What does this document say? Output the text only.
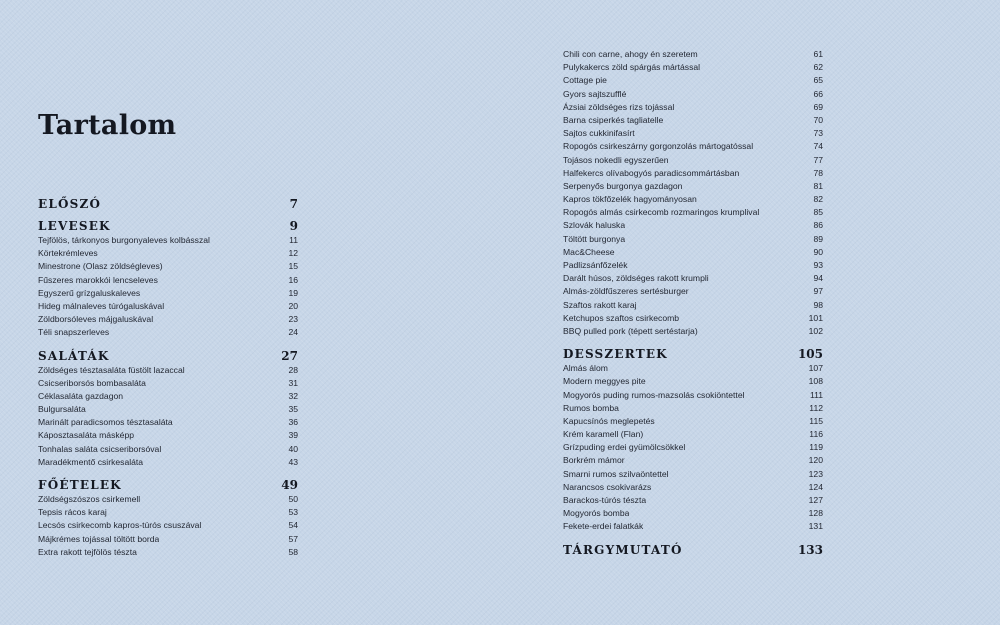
Tartalom
ELŐSZÓ	7
LEVESEK	9
Tejfölös, tárkonyos burgonyaleves kolbásszal	11
Körtekrémleves	12
Minestrone (Olasz zöldségleves)	15
Fűszeres marokkói lencseleves	16
Egyszerű grízgaluskaleves	19
Hideg málnaleves túrógaluskával	20
Zöldborsóleves májgaluskával	23
Téli snapszerleves	24
SALÁTÁK	27
Zöldséges tésztasaláta füstölt lazaccal	28
Csicseriborsós bombasaláta	31
Céklasaláta gazdagon	32
Bulgursaláta	35
Marinált paradicsomos tésztasaláta	36
Káposztasaláta másképp	39
Tonhalas saláta csicseriborsóval	40
Maradékmentő csirkesaláta	43
FŐÉTELEK	49
Zöldségszószos csirkemell	50
Tepsis rácos karaj	53
Lecsós csirkecomb kapros-túrós csuszával	54
Májkrémes tojással töltött borda	57
Extra rakott tejfölös tészta	58
Chili con carne, ahogy én szeretem	61
Pulykakercs zöld spárgás mártással	62
Cottage pie	65
Gyors sajtszufflé	66
Ázsiai zöldséges rizs tojással	69
Barna csiperkés tagliatelle	70
Sajtos cukkinifasírt	73
Ropogós csirkeszárny gorgonzolás mártogatóssal	74
Tojásos nokedli egyszerűen	77
Halfekercs olívabogyós paradicsommártásban	78
Serpenyős burgonya gazdagon	81
Kapros tökfőzelék hagyományosan	82
Ropogós almás csirkecomb rozmaringos krumplival	85
Szlovák haluska	86
Töltött burgonya	89
Mac&Cheese	90
Padlizsánfőzelék	93
Darált húsos, zöldséges rakott krumpli	94
Almás-zöldfűszeres sertésburger	97
Szaftos rakott karaj	98
Ketchupos szaftos csirkecomb	101
BBQ pulled pork (tépett sertéstarja)	102
DESSZERTEK	105
Almás álom	107
Modern meggyes pite	108
Mogyorós puding rumos-mazsolás csokiöntettel	111
Rumos bomba	112
Kapucsínós meglepetés	115
Krém karamell (Flan)	116
Grízpuding erdei gyümölcsökkel	119
Borkrém mámor	120
Smarni rumos szilvaöntettel	123
Narancsos csokivarázs	124
Barackos-túrós tészta	127
Mogyorós bomba	128
Fekete-erdei falatkák	131
TÁRGYMUTATÓ	133
